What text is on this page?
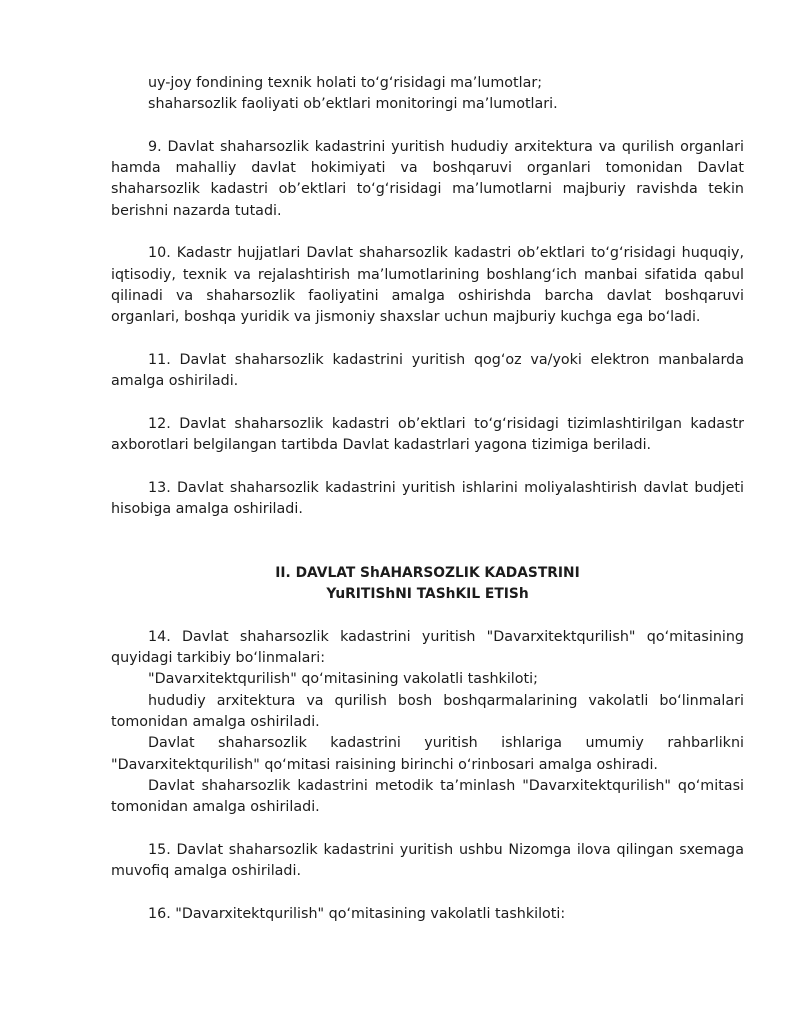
uy-joy fondining texnik holati to‘g‘risidagi ma’lumotlar;

shaharsozlik faoliyati ob’ektlari monitoringi ma’lumotlari.

9. Davlat shaharsozlik kadastrini yuritish hududiy arxitektura va qurilish organlari hamda mahalliy davlat hokimiyati va boshqaruvi organlari tomonidan Davlat shaharsozlik kadastri ob’ektlari to‘g‘risidagi ma’lumotlarni majburiy ravishda tekin berishni nazarda tutadi.

10. Kadastr hujjatlari Davlat shaharsozlik kadastri ob’ektlari to‘g‘risidagi huquqiy, iqtisodiy, texnik va rejalashtirish ma’lumotlarining boshlang‘ich manbai sifatida qabul qilinadi va shaharsozlik faoliyatini amalga oshirishda barcha davlat boshqaruvi organlari, boshqa yuridik va jismoniy shaxslar uchun majburiy kuchga ega bo‘ladi.

11. Davlat shaharsozlik kadastrini yuritish qog‘oz va/yoki elektron manbalarda amalga oshiriladi.

12. Davlat shaharsozlik kadastri ob’ektlari to‘g‘risidagi tizimlashtirilgan kadastr axborotlari belgilangan tartibda Davlat kadastrlari yagona tizimiga beriladi.

13. Davlat shaharsozlik kadastrini yuritish ishlarini moliyalashtirish davlat budjeti hisobiga amalga oshiriladi.

II. DAVLAT ShAHARSOZLIK KADASTRINI
YuRITIShNI TAShKIL ETISh

14. Davlat shaharsozlik kadastrini yuritish "Davarxitektqurilish" qo‘mitasining quyidagi tarkibiy bo‘linmalari:

"Davarxitektqurilish" qo‘mitasining vakolatli tashkiloti;

hududiy arxitektura va qurilish bosh boshqarmalarining vakolatli bo‘linmalari tomonidan amalga oshiriladi.

Davlat shaharsozlik kadastrini yuritish ishlariga umumiy rahbarlikni "Davarxitektqurilish" qo‘mitasi raisining birinchi o‘rinbosari amalga oshiradi.

Davlat shaharsozlik kadastrini metodik ta’minlash "Davarxitektqurilish" qo‘mitasi tomonidan amalga oshiriladi.

15. Davlat shaharsozlik kadastrini yuritish ushbu Nizomga ilova qilingan sxemaga muvofiq amalga oshiriladi.

16. "Davarxitektqurilish" qo‘mitasining vakolatli tashkiloti:
